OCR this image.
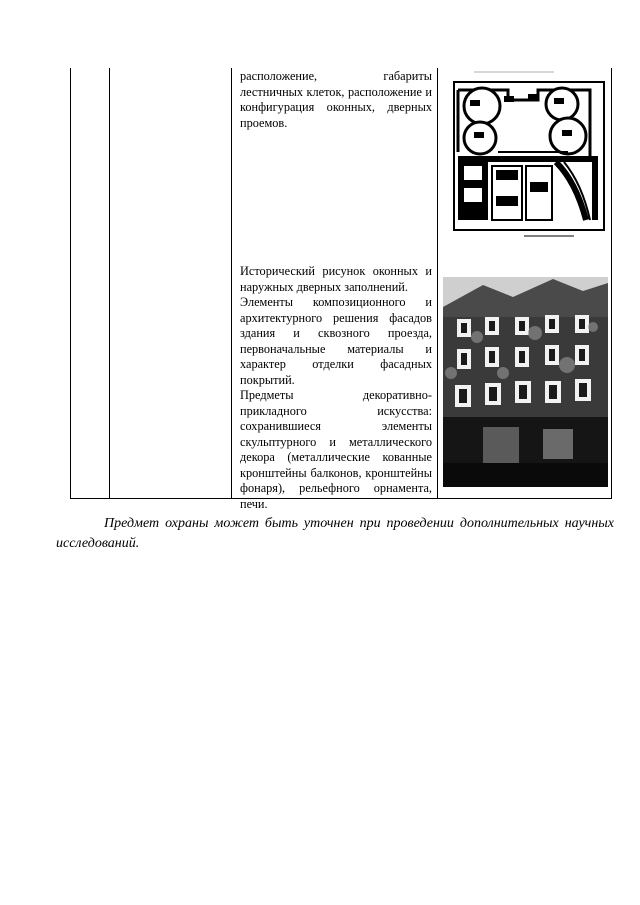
расположение, габариты лестничных клеток, расположение и конфигурация оконных, дверных проемов.

Исторический рисунок оконных и наружных дверных заполнений.

Элементы композиционного и архитектурного решения фасадов здания и сквозного проезда, первоначальные материалы и характер отделки фасадных покрытий.

Предметы декоративно-прикладного искусства: сохранившиеся элементы скульптурного и металлического декора (металлические кованные кронштейны балконов, кронштейны фонаря), рельефного орнамента, печи.

Предмет охраны может быть уточнен при проведении дополнительных научных исследований.
